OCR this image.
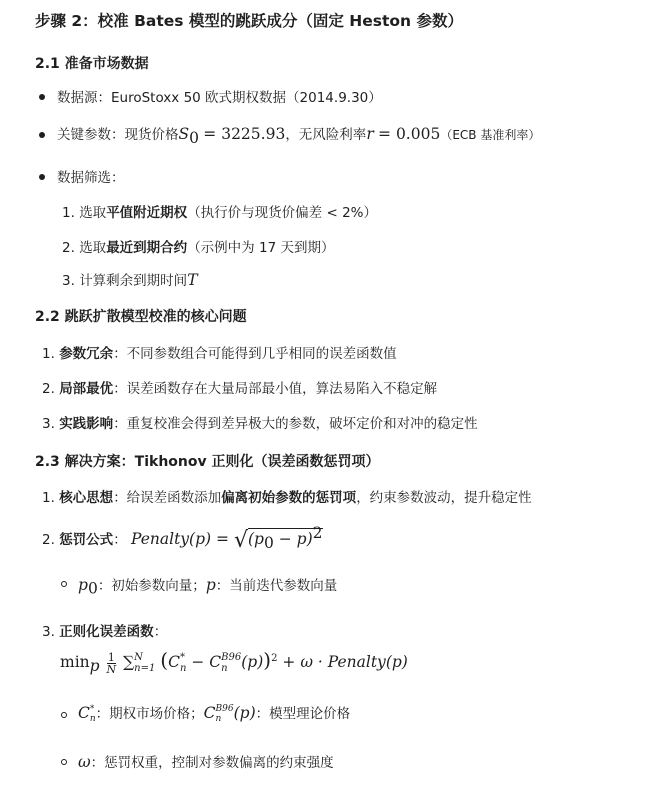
步骤 2：校准 Bates 模型的跳跃成分（固定 Heston 参数）
2.1 准备市场数据
数据源：EuroStoxx 50 欧式期权数据（2014.9.30）
关键参数：现货价格$S_0 = 3225.93$，无风险利率r = 0.005（ECB 基准利率）
数据筛选：
1. 选取平值附近期权（执行价与现货价偏差 < 2%）
2. 选取最近到期合约（示例中为 17 天到期）
3. 计算剩余到期时间T
2.2 跳跃扩散模型校准的核心问题
1. 参数冗余：不同参数组合可能得到几乎相同的误差函数值
2. 局部最优：误差函数存在大量局部最小值，算法易陷入不稳定解
3. 实践影响：重复校准会得到差异极大的参数，破坏定价和对冲的稳定性
2.3 解决方案：Tikhonov 正则化（误差函数惩罚项）
1. 核心思想：给误差函数添加偏离初始参数的惩罚项，约束参数波动，提升稳定性
2. 惩罚公式： Penalty(p) = $√(p_0 - p)^2$
$p_0$：初始参数向量；p：当前迭代参数向量
3. 正则化误差函数：
$\min_p \frac{1}{N}$ ∑ N
n=1 (C *
n − C B96
n (p))$^2$ + ω · Penalty(p)
C *
n ：期权市场价格；C B96
n (p)：模型理论价格
ω：惩罚权重，控制对参数偏离的约束强度
